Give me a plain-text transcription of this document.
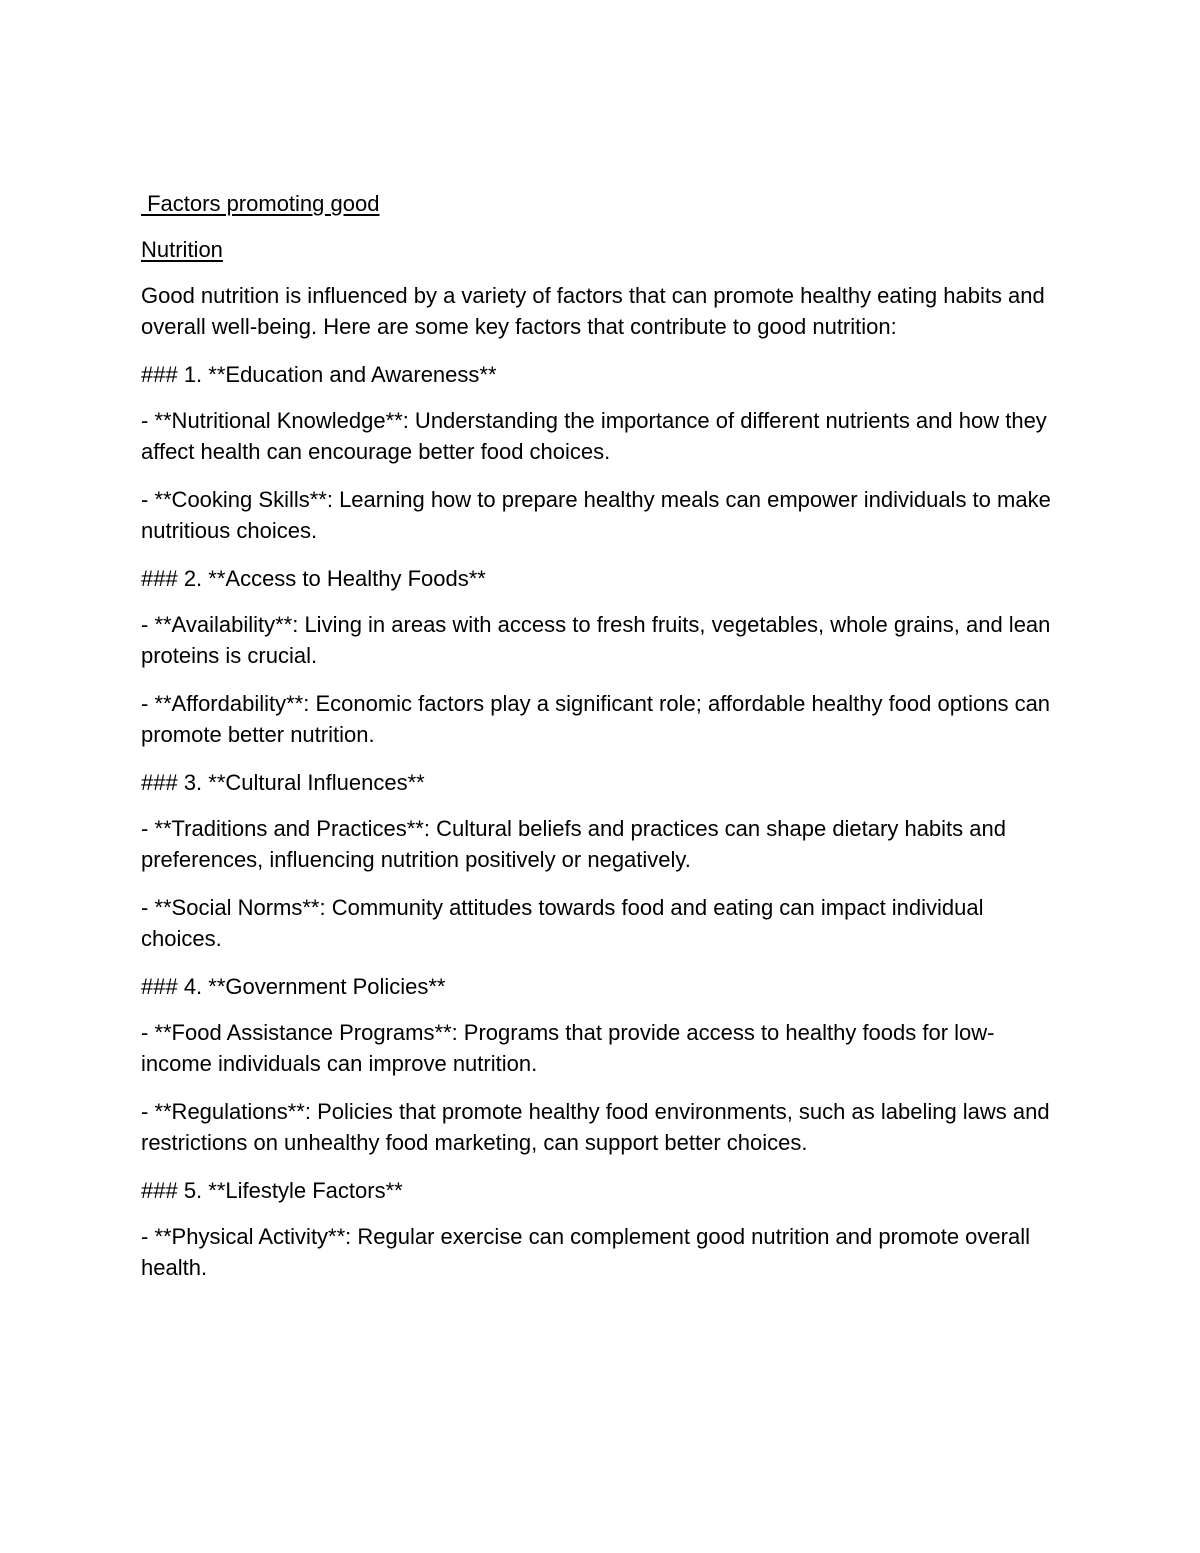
Factors promoting good
Nutrition

Good nutrition is influenced by a variety of factors that can promote healthy eating habits and overall well-being. Here are some key factors that contribute to good nutrition:

### 1. **Education and Awareness**

- **Nutritional Knowledge**: Understanding the importance of different nutrients and how they affect health can encourage better food choices.

- **Cooking Skills**: Learning how to prepare healthy meals can empower individuals to make nutritious choices.

### 2. **Access to Healthy Foods**

- **Availability**: Living in areas with access to fresh fruits, vegetables, whole grains, and lean proteins is crucial.

- **Affordability**: Economic factors play a significant role; affordable healthy food options can promote better nutrition.

### 3. **Cultural Influences**

- **Traditions and Practices**: Cultural beliefs and practices can shape dietary habits and preferences, influencing nutrition positively or negatively.

- **Social Norms**: Community attitudes towards food and eating can impact individual choices.

### 4. **Government Policies**

- **Food Assistance Programs**: Programs that provide access to healthy foods for low-income individuals can improve nutrition.

- **Regulations**: Policies that promote healthy food environments, such as labeling laws and restrictions on unhealthy food marketing, can support better choices.

### 5. **Lifestyle Factors**

- **Physical Activity**: Regular exercise can complement good nutrition and promote overall health.
